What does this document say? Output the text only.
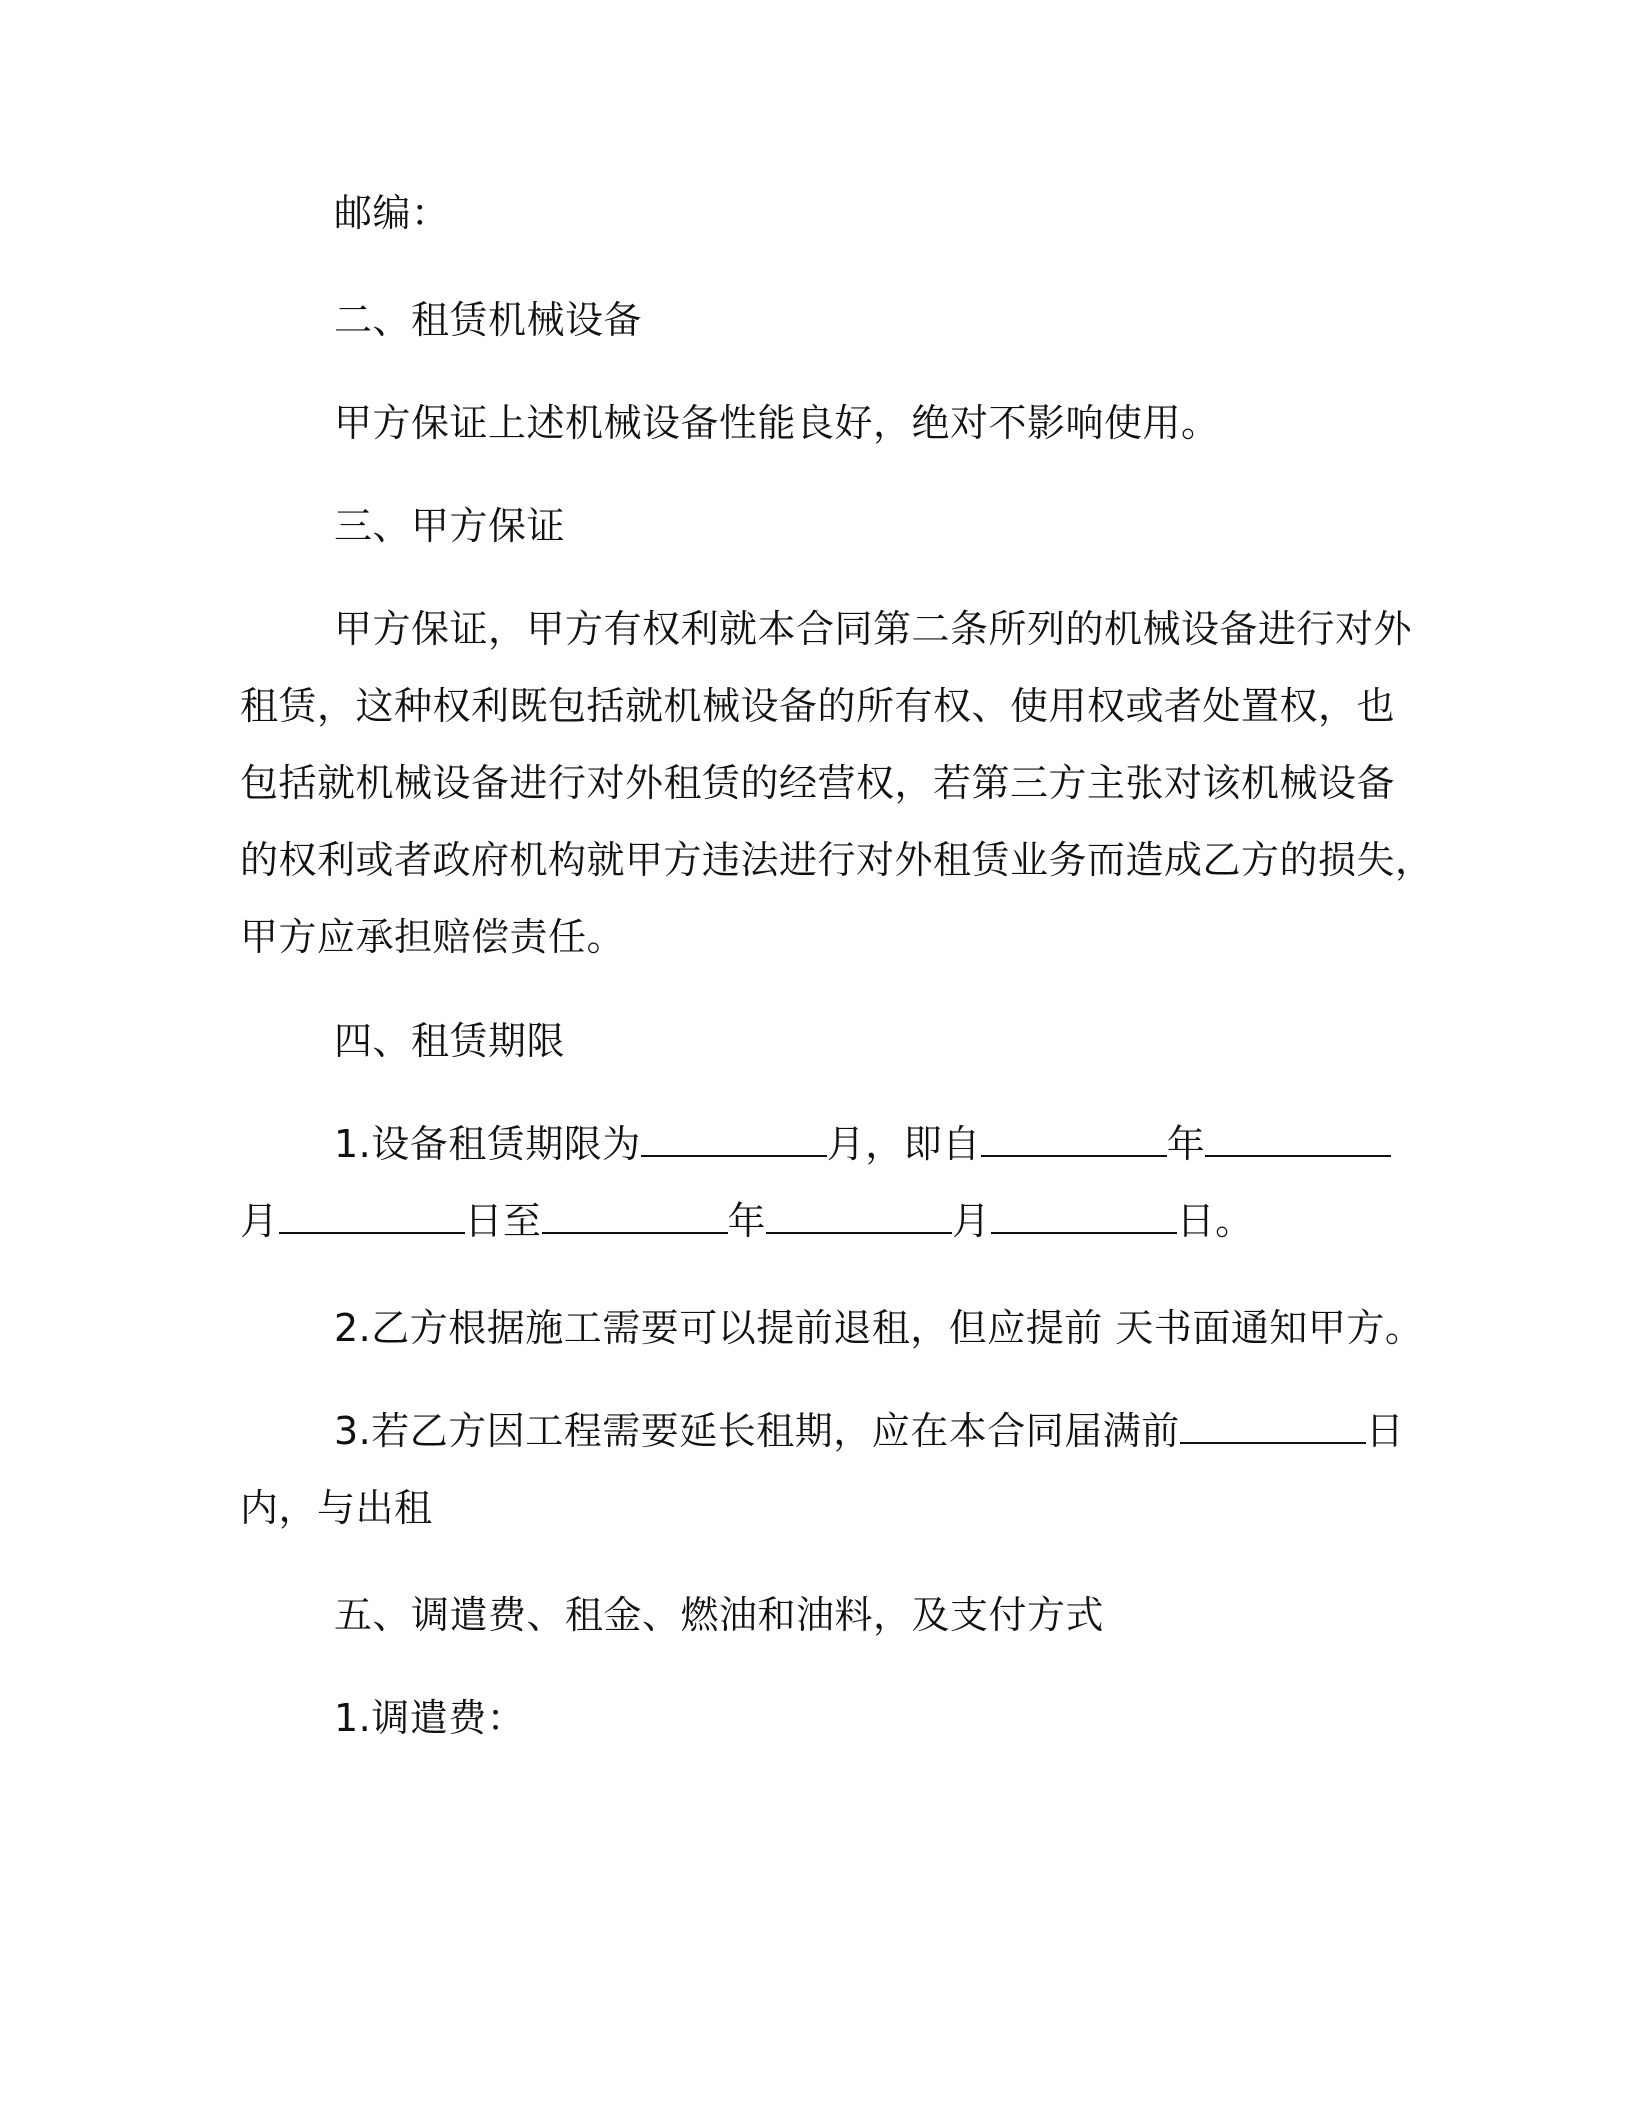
邮编：

二、租赁机械设备

甲方保证上述机械设备性能良好，绝对不影响使用。

三、甲方保证

甲方保证，甲方有权利就本合同第二条所列的机械设备进行对外
租赁，这种权利既包括就机械设备的所有权、使用权或者处置权，也
包括就机械设备进行对外租赁的经营权，若第三方主张对该机械设备
的权利或者政府机构就甲方违法进行对外租赁业务而造成乙方的损失，
甲方应承担赔偿责任。

四、租赁期限

1.设备租赁期限为	月，即自	年
月	日至	年	月	日。

2.乙方根据施工需要可以提前退租，但应提前 天书面通知甲方。

3.若乙方因工程需要延长租期，应在本合同届满前	日
内，与出租

五、调遣费、租金、燃油和油料，及支付方式

1.调遣费：
